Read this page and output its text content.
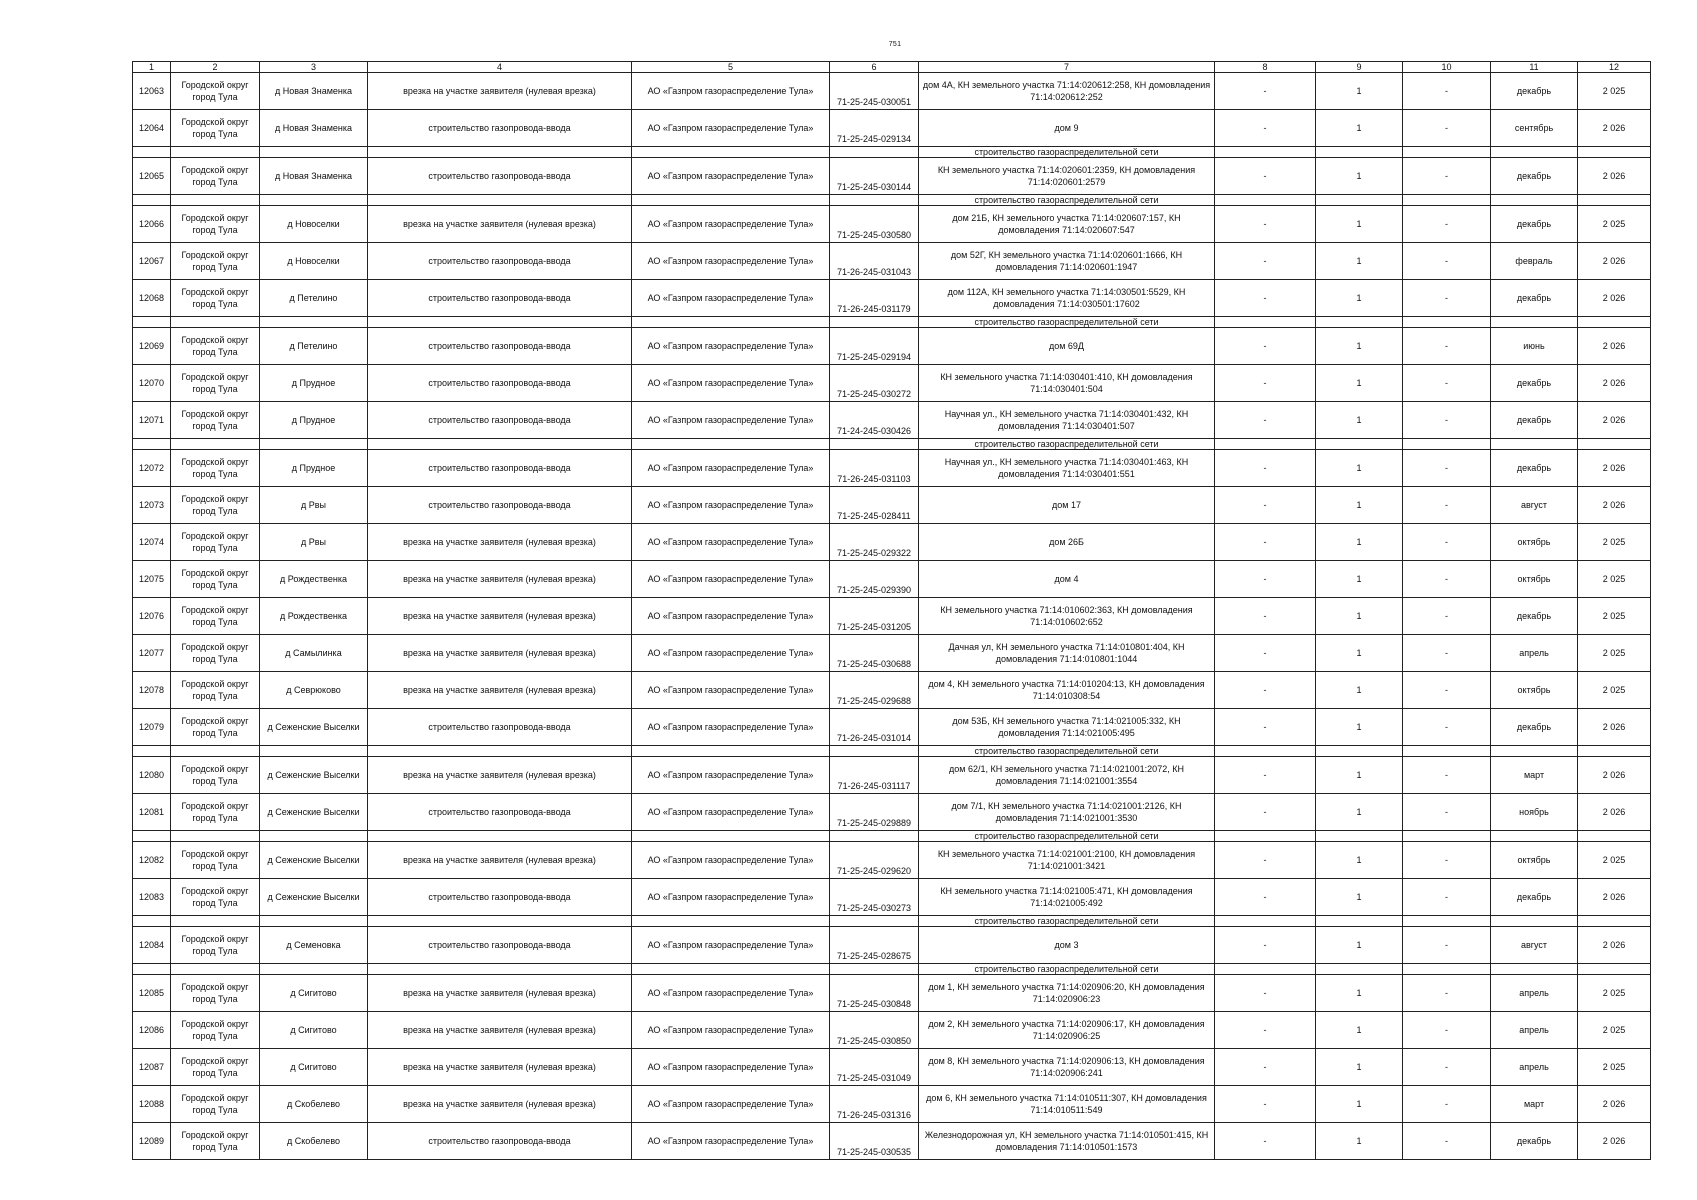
751
1	2	3	4	5	6	7	8	9	10	11	12
12063	Городской округ город Тула	д Новая Знаменка	врезка на участке заявителя (нулевая врезка)	АО «Газпром газораспределение Тула»	71-25-245-030051	дом 4А, КН земельного участка 71:14:020612:258, КН домовладения 71:14:020612:252	-	1	-	декабрь	2 025
12064	Городской округ город Тула	д Новая Знаменка	строительство газопровода-ввода	АО «Газпром газораспределение Тула»	71-25-245-029134	дом 9	-	1	-	сентябрь	2 026
						строительство газораспределительной сети					
12065	Городской округ город Тула	д Новая Знаменка	строительство газопровода-ввода	АО «Газпром газораспределение Тула»	71-25-245-030144	КН земельного участка 71:14:020601:2359, КН домовладения 71:14:020601:2579	-	1	-	декабрь	2 026
						строительство газораспределительной сети					
12066	Городской округ город Тула	д Новоселки	врезка на участке заявителя (нулевая врезка)	АО «Газпром газораспределение Тула»	71-25-245-030580	дом 21Б, КН земельного участка 71:14:020607:157, КН домовладения 71:14:020607:547	-	1	-	декабрь	2 025
12067	Городской округ город Тула	д Новоселки	строительство газопровода-ввода	АО «Газпром газораспределение Тула»	71-26-245-031043	дом 52Г, КН земельного участка 71:14:020601:1666, КН домовладения 71:14:020601:1947	-	1	-	февраль	2 026
12068	Городской округ город Тула	д Петелино	строительство газопровода-ввода	АО «Газпром газораспределение Тула»	71-26-245-031179	дом 112А, КН земельного участка 71:14:030501:5529, КН домовладения 71:14:030501:17602	-	1	-	декабрь	2 026
						строительство газораспределительной сети					
12069	Городской округ город Тула	д Петелино	строительство газопровода-ввода	АО «Газпром газораспределение Тула»	71-25-245-029194	дом 69Д	-	1	-	июнь	2 026
12070	Городской округ город Тула	д Прудное	строительство газопровода-ввода	АО «Газпром газораспределение Тула»	71-25-245-030272	КН земельного участка 71:14:030401:410, КН домовладения 71:14:030401:504	-	1	-	декабрь	2 026
12071	Городской округ город Тула	д Прудное	строительство газопровода-ввода	АО «Газпром газораспределение Тула»	71-24-245-030426	Научная ул., КН земельного участка 71:14:030401:432, КН домовладения 71:14:030401:507	-	1	-	декабрь	2 026
						строительство газораспределительной сети					
12072	Городской округ город Тула	д Прудное	строительство газопровода-ввода	АО «Газпром газораспределение Тула»	71-26-245-031103	Научная ул., КН земельного участка 71:14:030401:463, КН домовладения 71:14:030401:551	-	1	-	декабрь	2 026
12073	Городской округ город Тула	д Рвы	строительство газопровода-ввода	АО «Газпром газораспределение Тула»	71-25-245-028411	дом 17	-	1	-	август	2 026
12074	Городской округ город Тула	д Рвы	врезка на участке заявителя (нулевая врезка)	АО «Газпром газораспределение Тула»	71-25-245-029322	дом 26Б	-	1	-	октябрь	2 025
12075	Городской округ город Тула	д Рождественка	врезка на участке заявителя (нулевая врезка)	АО «Газпром газораспределение Тула»	71-25-245-029390	дом 4	-	1	-	октябрь	2 025
12076	Городской округ город Тула	д Рождественка	врезка на участке заявителя (нулевая врезка)	АО «Газпром газораспределение Тула»	71-25-245-031205	КН земельного участка 71:14:010602:363, КН домовладения 71:14:010602:652	-	1	-	декабрь	2 025
12077	Городской округ город Тула	д Самылинка	врезка на участке заявителя (нулевая врезка)	АО «Газпром газораспределение Тула»	71-25-245-030688	Дачная ул, КН земельного участка 71:14:010801:404, КН домовладения 71:14:010801:1044	-	1	-	апрель	2 025
12078	Городской округ город Тула	д Севрюково	врезка на участке заявителя (нулевая врезка)	АО «Газпром газораспределение Тула»	71-25-245-029688	дом 4, КН земельного участка 71:14:010204:13, КН домовладения 71:14:010308:54	-	1	-	октябрь	2 025
12079	Городской округ город Тула	д Сеженские Выселки	строительство газопровода-ввода	АО «Газпром газораспределение Тула»	71-26-245-031014	дом 53Б, КН земельного участка 71:14:021005:332, КН домовладения 71:14:021005:495	-	1	-	декабрь	2 026
						строительство газораспределительной сети					
12080	Городской округ город Тула	д Сеженские Выселки	врезка на участке заявителя (нулевая врезка)	АО «Газпром газораспределение Тула»	71-26-245-031117	дом 62/1, КН земельного участка 71:14:021001:2072, КН домовладения 71:14:021001:3554	-	1	-	март	2 026
12081	Городской округ город Тула	д Сеженские Выселки	строительство газопровода-ввода	АО «Газпром газораспределение Тула»	71-25-245-029889	дом 7/1, КН земельного участка 71:14:021001:2126, КН домовладения 71:14:021001:3530	-	1	-	ноябрь	2 026
						строительство газораспределительной сети					
12082	Городской округ город Тула	д Сеженские Выселки	врезка на участке заявителя (нулевая врезка)	АО «Газпром газораспределение Тула»	71-25-245-029620	КН земельного участка 71:14:021001:2100, КН домовладения 71:14:021001:3421	-	1	-	октябрь	2 025
12083	Городской округ город Тула	д Сеженские Выселки	строительство газопровода-ввода	АО «Газпром газораспределение Тула»	71-25-245-030273	КН земельного участка 71:14:021005:471, КН домовладения 71:14:021005:492	-	1	-	декабрь	2 026
						строительство газораспределительной сети					
12084	Городской округ город Тула	д Семеновка	строительство газопровода-ввода	АО «Газпром газораспределение Тула»	71-25-245-028675	дом 3	-	1	-	август	2 026
						строительство газораспределительной сети					
12085	Городской округ город Тула	д Сигитово	врезка на участке заявителя (нулевая врезка)	АО «Газпром газораспределение Тула»	71-25-245-030848	дом 1, КН земельного участка 71:14:020906:20, КН домовладения 71:14:020906:23	-	1	-	апрель	2 025
12086	Городской округ город Тула	д Сигитово	врезка на участке заявителя (нулевая врезка)	АО «Газпром газораспределение Тула»	71-25-245-030850	дом 2, КН земельного участка 71:14:020906:17, КН домовладения 71:14:020906:25	-	1	-	апрель	2 025
12087	Городской округ город Тула	д Сигитово	врезка на участке заявителя (нулевая врезка)	АО «Газпром газораспределение Тула»	71-25-245-031049	дом 8, КН земельного участка 71:14:020906:13, КН домовладения 71:14:020906:241	-	1	-	апрель	2 025
12088	Городской округ город Тула	д Скобелево	врезка на участке заявителя (нулевая врезка)	АО «Газпром газораспределение Тула»	71-26-245-031316	дом 6, КН земельного участка 71:14:010511:307, КН домовладения 71:14:010511:549	-	1	-	март	2 026
12089	Городской округ город Тула	д Скобелево	строительство газопровода-ввода	АО «Газпром газораспределение Тула»	71-25-245-030535	Железнодорожная ул, КН земельного участка 71:14:010501:415, КН домовладения 71:14:010501:1573	-	1	-	декабрь	2 026
